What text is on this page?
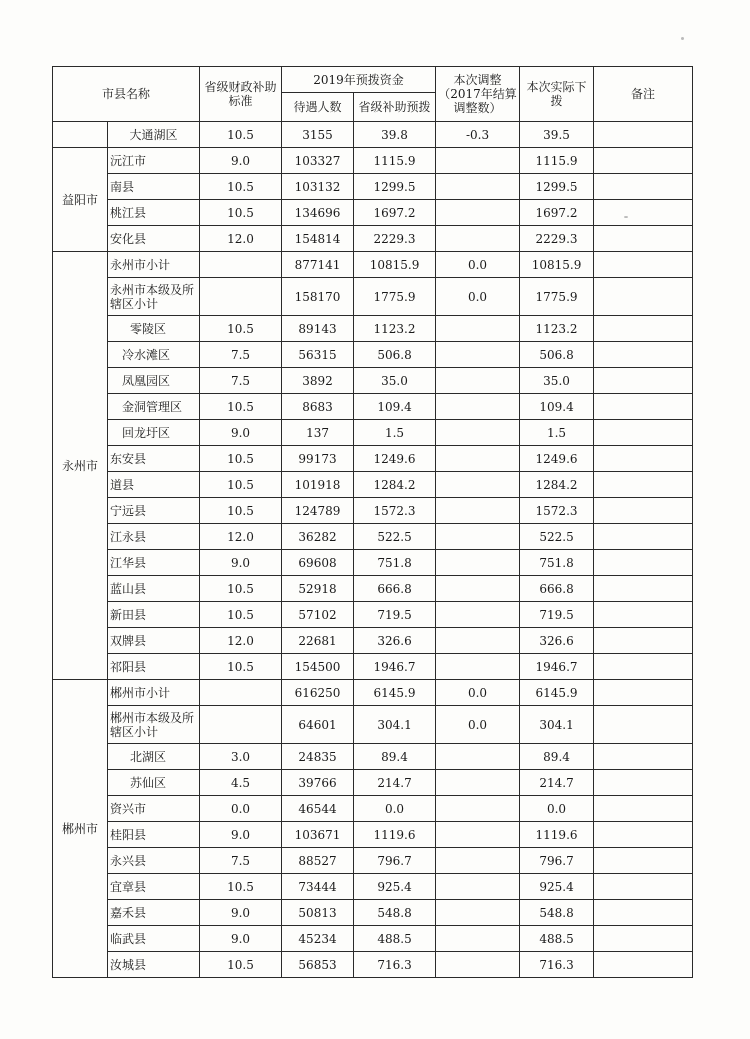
市县名称		省级财政补助标准	2019年预拨资金		本次调整（2017年结算调整数）	本次实际下拨	备注
			待遇人数	省级补助预拨			
	大通湖区	10.5	3155	39.8	-0.3	39.5	
益阳市	沅江市	9.0	103327	1115.9		1115.9	
	南县	10.5	103132	1299.5		1299.5	
	桃江县	10.5	134696	1697.2		1697.2	
	安化县	12.0	154814	2229.3		2229.3	
永州市	永州市小计		877141	10815.9	0.0	10815.9	
	永州市本级及所辖区小计		158170	1775.9	0.0	1775.9	
	零陵区	10.5	89143	1123.2		1123.2	
	冷水滩区	7.5	56315	506.8		506.8	
	凤凰园区	7.5	3892	35.0		35.0	
	金洞管理区	10.5	8683	109.4		109.4	
	回龙圩区	9.0	137	1.5		1.5	
	东安县	10.5	99173	1249.6		1249.6	
	道县	10.5	101918	1284.2		1284.2	
	宁远县	10.5	124789	1572.3		1572.3	
	江永县	12.0	36282	522.5		522.5	
	江华县	9.0	69608	751.8		751.8	
	蓝山县	10.5	52918	666.8		666.8	
	新田县	10.5	57102	719.5		719.5	
	双牌县	12.0	22681	326.6		326.6	
	祁阳县	10.5	154500	1946.7		1946.7	
郴州市	郴州市小计		616250	6145.9	0.0	6145.9	
	郴州市本级及所辖区小计		64601	304.1	0.0	304.1	
	北湖区	3.0	24835	89.4		89.4	
	苏仙区	4.5	39766	214.7		214.7	
	资兴市	0.0	46544	0.0		0.0	
	桂阳县	9.0	103671	1119.6		1119.6	
	永兴县	7.5	88527	796.7		796.7	
	宜章县	10.5	73444	925.4		925.4	
	嘉禾县	9.0	50813	548.8		548.8	
	临武县	9.0	45234	488.5		488.5	
	汝城县	10.5	56853	716.3		716.3	
